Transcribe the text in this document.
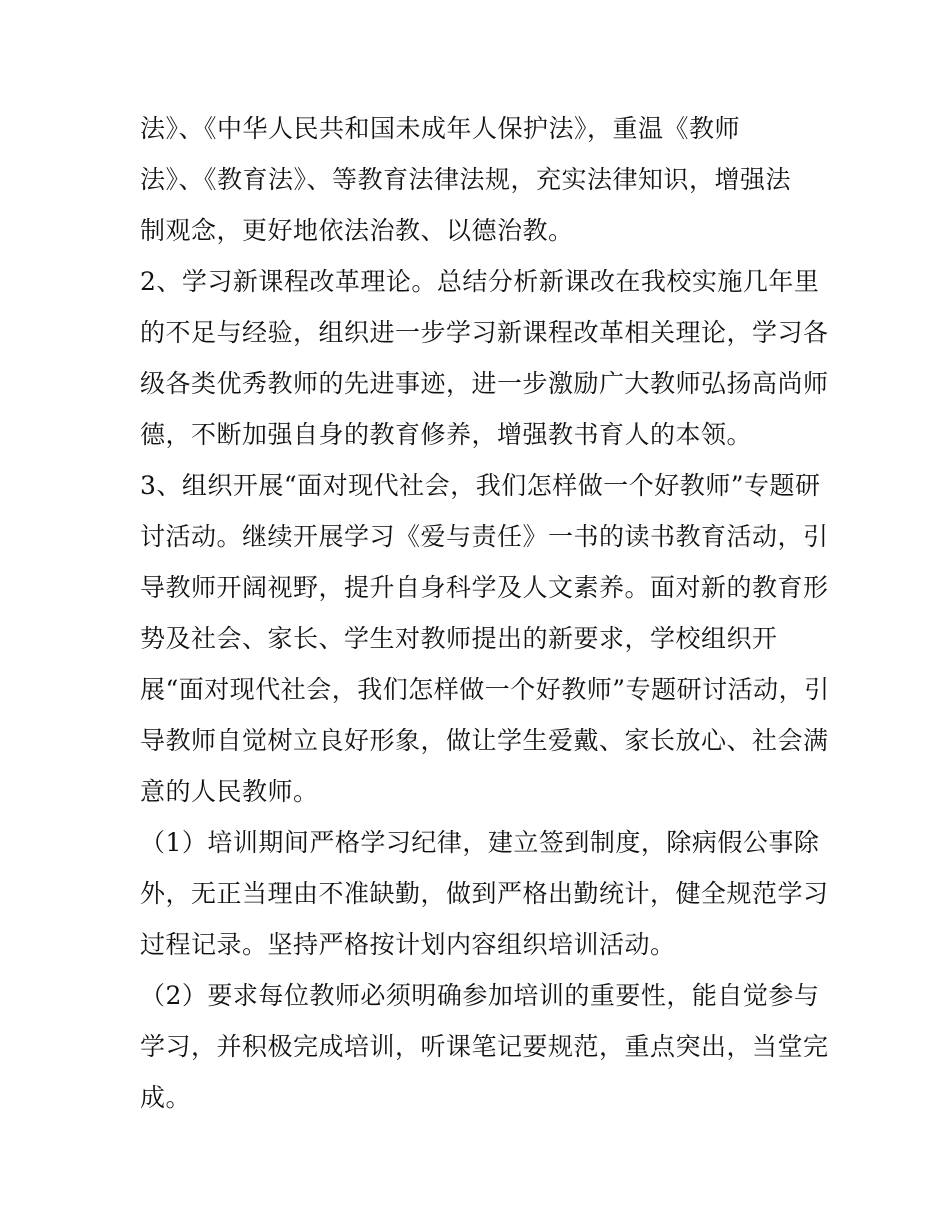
法》、《中华人民共和国未成年人保护法》，重温《教师
法》、《教育法》、等教育法律法规，充实法律知识，增强法
制观念，更好地依法治教、以德治教。
2、学习新课程改革理论。总结分析新课改在我校实施几年里
的不足与经验，组织进一步学习新课程改革相关理论，学习各
级各类优秀教师的先进事迹，进一步激励广大教师弘扬高尚师
德，不断加强自身的教育修养，增强教书育人的本领。
3、组织开展“面对现代社会，我们怎样做一个好教师”专题研
讨活动。继续开展学习《爱与责任》一书的读书教育活动，引
导教师开阔视野，提升自身科学及人文素养。面对新的教育形
势及社会、家长、学生对教师提出的新要求，学校组织开
展“面对现代社会，我们怎样做一个好教师”专题研讨活动，引
导教师自觉树立良好形象，做让学生爱戴、家长放心、社会满
意的人民教师。
（1）培训期间严格学习纪律，建立签到制度，除病假公事除
外，无正当理由不准缺勤，做到严格出勤统计，健全规范学习
过程记录。坚持严格按计划内容组织培训活动。
（2）要求每位教师必须明确参加培训的重要性，能自觉参与
学习，并积极完成培训，听课笔记要规范，重点突出，当堂完
成。
